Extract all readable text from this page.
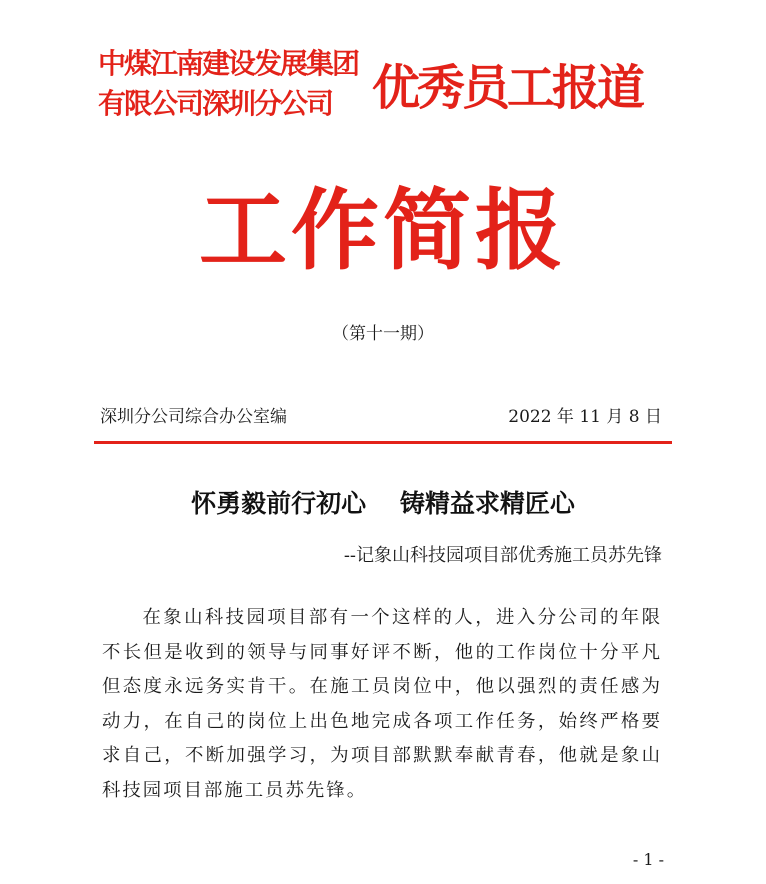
中煤江南建设发展集团
有限公司深圳分公司 优秀员工报道
工作简报
（第十一期）
深圳分公司综合办公室编	2022 年 11 月 8 日
怀勇毅前行初心　 铸精益求精匠心
--记象山科技园项目部优秀施工员苏先锋
在象山科技园项目部有一个这样的人，进入分公司的年限不长但是收到的领导与同事好评不断，他的工作岗位十分平凡但态度永远务实肯干。在施工员岗位中，他以强烈的责任感为动力，在自己的岗位上出色地完成各项工作任务，始终严格要求自己，不断加强学习，为项目部默默奉献青春，他就是象山科技园项目部施工员苏先锋。
- 1 -
